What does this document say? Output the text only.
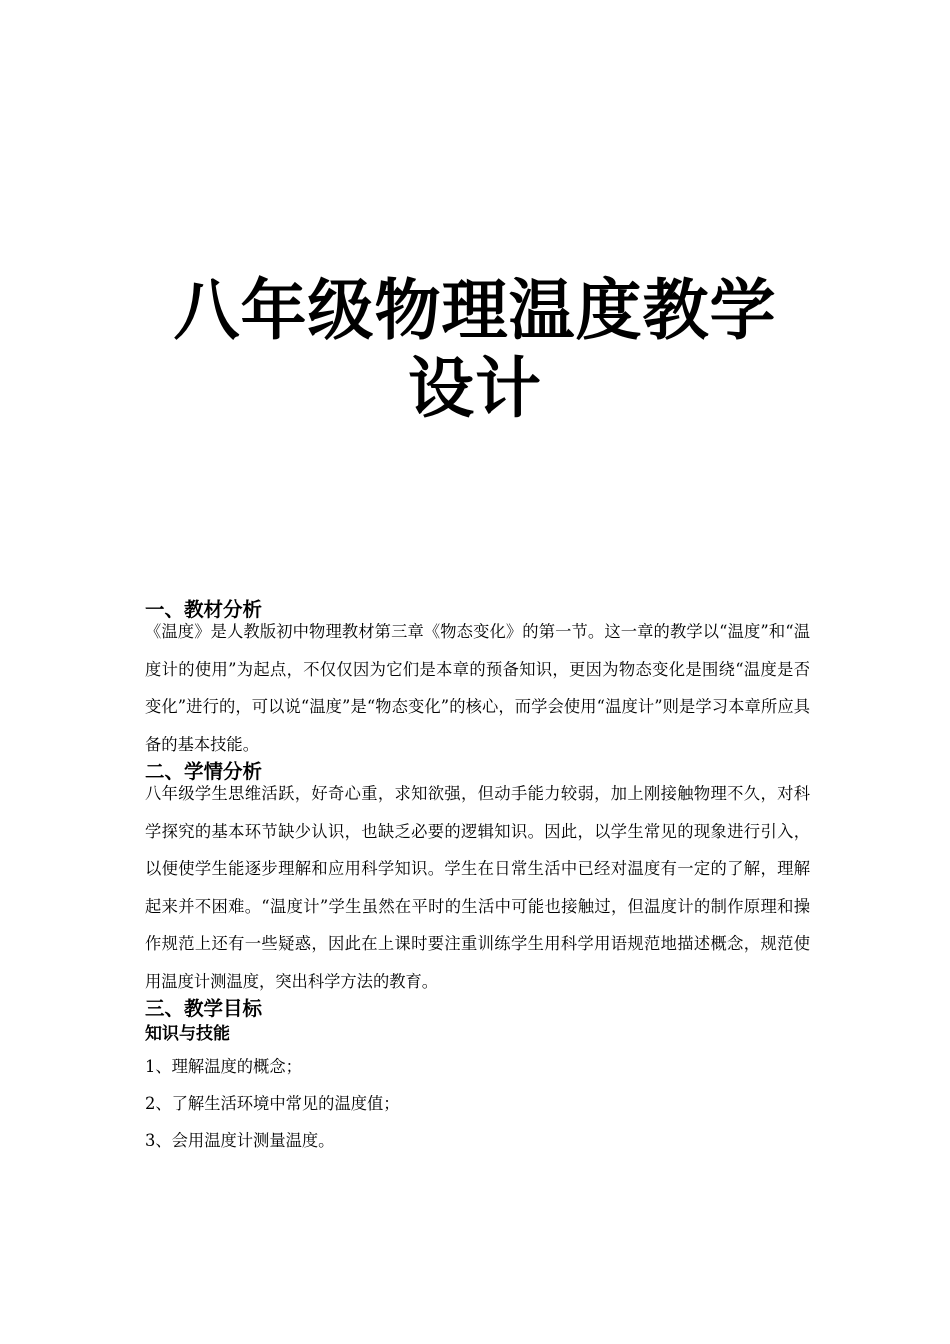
八年级物理温度教学
设计
一、教材分析

《温度》是人教版初中物理教材第三章《物态变化》的第一节。这一章的教学以“温度”和“温度计的使用”为起点，不仅仅因为它们是本章的预备知识，更因为物态变化是围绕“温度是否变化”进行的，可以说“温度”是“物态变化”的核心，而学会使用“温度计”则是学习本章所应具备的基本技能。

二、学情分析

八年级学生思维活跃，好奇心重，求知欲强，但动手能力较弱，加上刚接触物理不久，对科学探究的基本环节缺少认识，也缺乏必要的逻辑知识。因此，以学生常见的现象进行引入，以便使学生能逐步理解和应用科学知识。学生在日常生活中已经对温度有一定的了解，理解起来并不困难。“温度计”学生虽然在平时的生活中可能也接触过，但温度计的制作原理和操作规范上还有一些疑惑，因此在上课时要注重训练学生用科学用语规范地描述概念，规范使用温度计测温度，突出科学方法的教育。

三、教学目标
知识与技能

1、理解温度的概念；

2、了解生活环境中常见的温度值；

3、会用温度计测量温度。
